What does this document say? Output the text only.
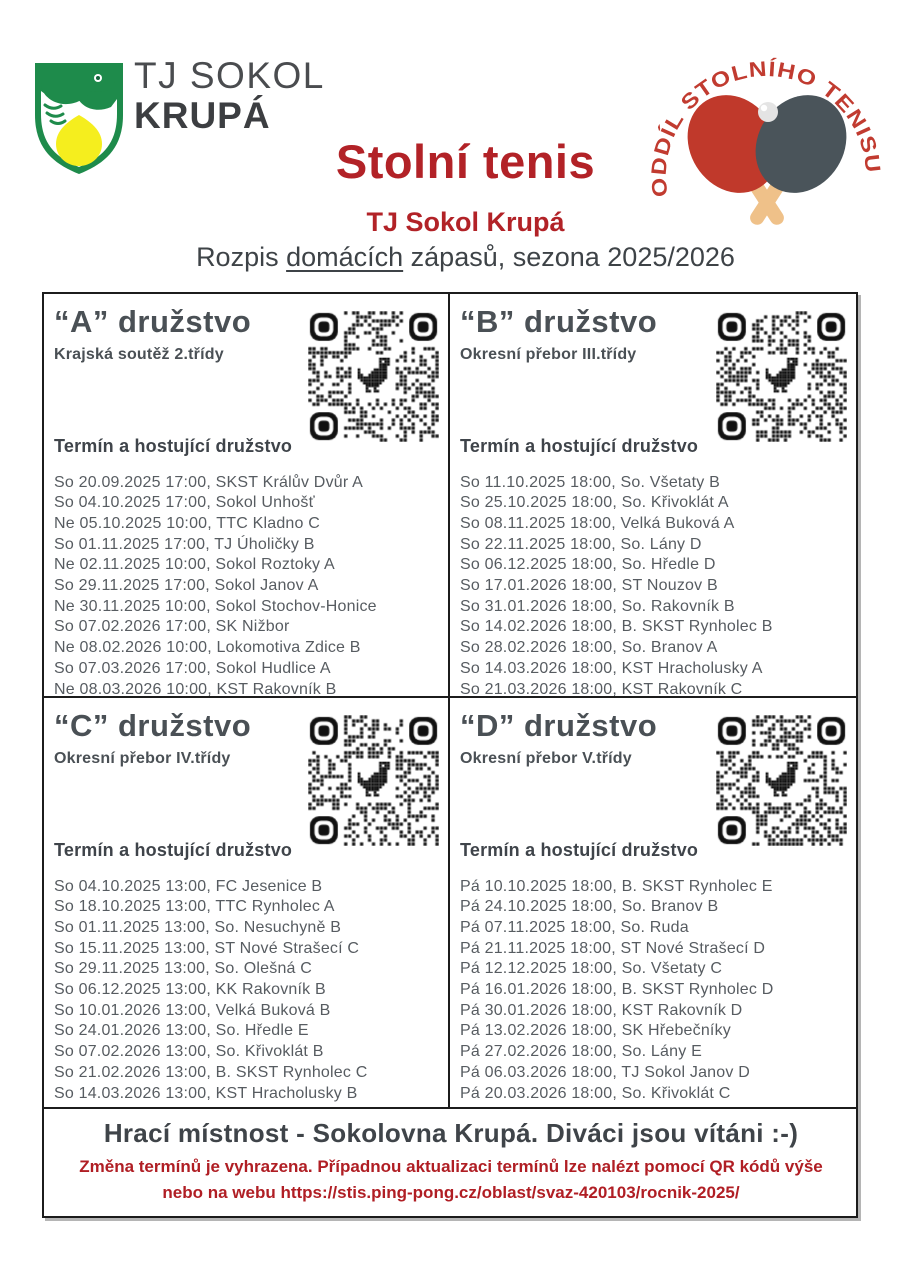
TJ SOKOL
KRUPÁ
ODDÍL STOLNÍHO TENISU
Stolní tenis
TJ Sokol Krupá
Rozpis domácích zápasů, sezona 2025/2026
“A” družstvo
Krajská soutěž 2.třídy
Termín a hostující družstvo
So 20.09.2025 17:00, SKST Králův Dvůr A
So 04.10.2025 17:00, Sokol Unhošť
Ne 05.10.2025 10:00, TTC Kladno C
So 01.11.2025 17:00, TJ Úholičky B
Ne 02.11.2025 10:00, Sokol Roztoky A
So 29.11.2025 17:00, Sokol Janov A
Ne 30.11.2025 10:00, Sokol Stochov-Honice
So 07.02.2026 17:00, SK Nižbor
Ne 08.02.2026 10:00, Lokomotiva Zdice B
So 07.03.2026 17:00, Sokol Hudlice A
Ne 08.03.2026 10:00, KST Rakovník B
“B” družstvo
Okresní přebor III.třídy
Termín a hostující družstvo
So 11.10.2025 18:00, So. Všetaty B
So 25.10.2025 18:00, So. Křivoklát A
So 08.11.2025 18:00, Velká Buková A
So 22.11.2025 18:00, So. Lány D
So 06.12.2025 18:00, So. Hředle D
So 17.01.2026 18:00, ST Nouzov B
So 31.01.2026 18:00, So. Rakovník B
So 14.02.2026 18:00, B. SKST Rynholec B
So 28.02.2026 18:00, So. Branov A
So 14.03.2026 18:00, KST Hracholusky A
So 21.03.2026 18:00, KST Rakovník C
“C” družstvo
Okresní přebor IV.třídy
Termín a hostující družstvo
So 04.10.2025 13:00, FC Jesenice B
So 18.10.2025 13:00, TTC Rynholec A
So 01.11.2025 13:00, So. Nesuchyně B
So 15.11.2025 13:00, ST Nové Strašecí C
So 29.11.2025 13:00, So. Olešná C
So 06.12.2025 13:00, KK Rakovník B
So 10.01.2026 13:00, Velká Buková B
So 24.01.2026 13:00, So. Hředle E
So 07.02.2026 13:00, So. Křivoklát B
So 21.02.2026 13:00, B. SKST Rynholec C
So 14.03.2026 13:00, KST Hracholusky B
“D” družstvo
Okresní přebor V.třídy
Termín a hostující družstvo
Pá 10.10.2025 18:00, B. SKST Rynholec E
Pá 24.10.2025 18:00, So. Branov B
Pá 07.11.2025 18:00, So. Ruda
Pá 21.11.2025 18:00, ST Nové Strašecí D
Pá 12.12.2025 18:00, So. Všetaty C
Pá 16.01.2026 18:00, B. SKST Rynholec D
Pá 30.01.2026 18:00, KST Rakovník D
Pá 13.02.2026 18:00, SK Hřebečníky
Pá 27.02.2026 18:00, So. Lány E
Pá 06.03.2026 18:00, TJ Sokol Janov D
Pá 20.03.2026 18:00, So. Křivoklát C
Hrací místnost - Sokolovna Krupá. Diváci jsou vítáni :-)
Změna termínů je vyhrazena. Případnou aktualizaci termínů lze nalézt pomocí QR kódů výše
nebo na webu https://stis.ping-pong.cz/oblast/svaz-420103/rocnik-2025/
